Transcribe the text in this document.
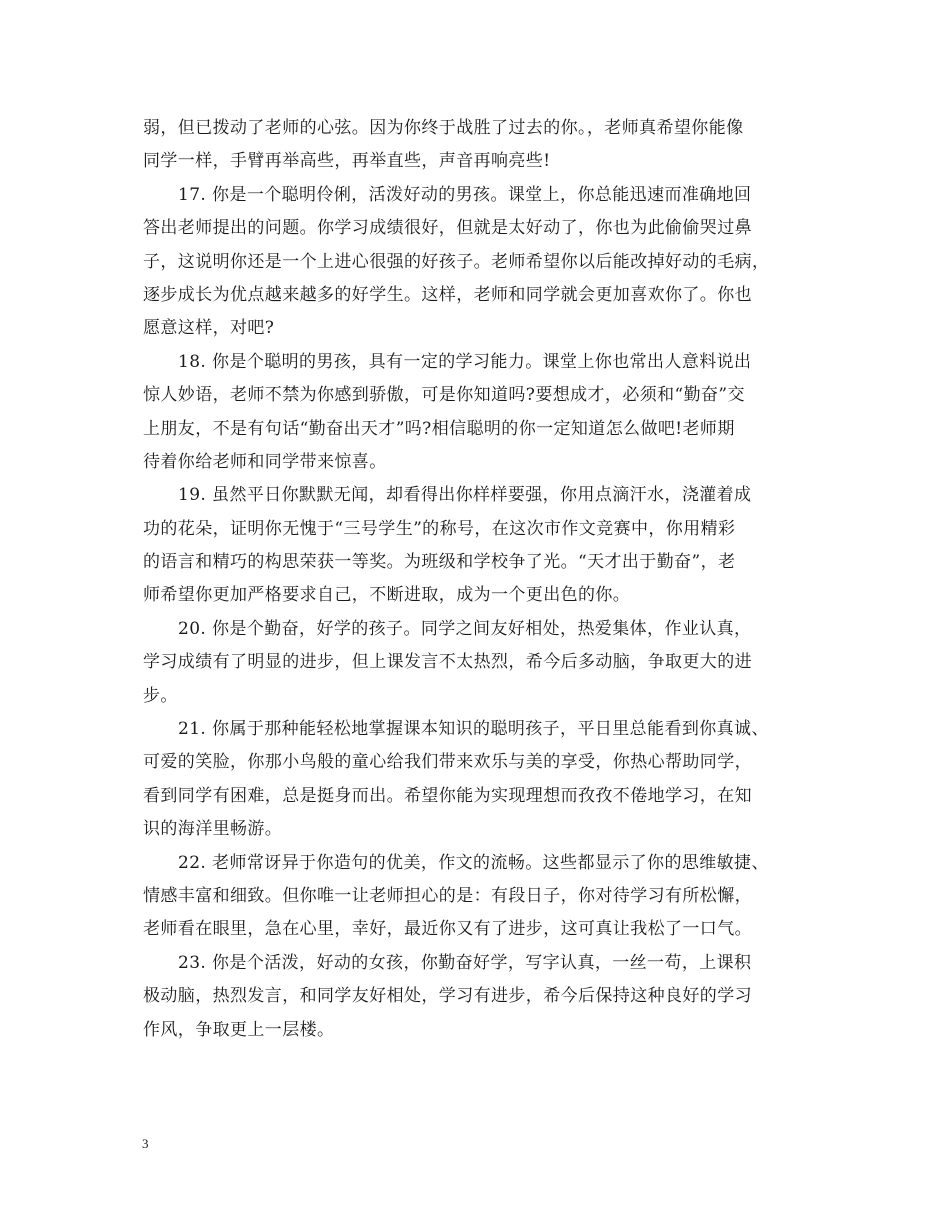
弱，但已拨动了老师的心弦。因为你终于战胜了过去的你。，老师真希望你能像
同学一样，手臂再举高些，再举直些，声音再响亮些!
17. 你是一个聪明伶俐，活泼好动的男孩。课堂上，你总能迅速而准确地回
答出老师提出的问题。你学习成绩很好，但就是太好动了，你也为此偷偷哭过鼻
子，这说明你还是一个上进心很强的好孩子。老师希望你以后能改掉好动的毛病，
逐步成长为优点越来越多的好学生。这样，老师和同学就会更加喜欢你了。你也
愿意这样，对吧?
18. 你是个聪明的男孩，具有一定的学习能力。课堂上你也常出人意料说出
惊人妙语，老师不禁为你感到骄傲，可是你知道吗?要想成才，必须和“勤奋”交
上朋友，不是有句话“勤奋出天才”吗?相信聪明的你一定知道怎么做吧!老师期
待着你给老师和同学带来惊喜。
19. 虽然平日你默默无闻，却看得出你样样要强，你用点滴汗水，浇灌着成
功的花朵，证明你无愧于“三号学生”的称号，在这次市作文竞赛中，你用精彩
的语言和精巧的构思荣获一等奖。为班级和学校争了光。“天才出于勤奋”，老
师希望你更加严格要求自己，不断进取，成为一个更出色的你。
20. 你是个勤奋，好学的孩子。同学之间友好相处，热爱集体，作业认真，
学习成绩有了明显的进步，但上课发言不太热烈，希今后多动脑，争取更大的进
步。
21. 你属于那种能轻松地掌握课本知识的聪明孩子，平日里总能看到你真诚、
可爱的笑脸，你那小鸟般的童心给我们带来欢乐与美的享受，你热心帮助同学，
看到同学有困难，总是挺身而出。希望你能为实现理想而孜孜不倦地学习，在知
识的海洋里畅游。
22. 老师常讶异于你造句的优美，作文的流畅。这些都显示了你的思维敏捷、
情感丰富和细致。但你唯一让老师担心的是：有段日子，你对待学习有所松懈，
老师看在眼里，急在心里，幸好，最近你又有了进步，这可真让我松了一口气。
23. 你是个活泼，好动的女孩，你勤奋好学，写字认真，一丝一苟，上课积
极动脑，热烈发言，和同学友好相处，学习有进步，希今后保持这种良好的学习
作风，争取更上一层楼。
3
